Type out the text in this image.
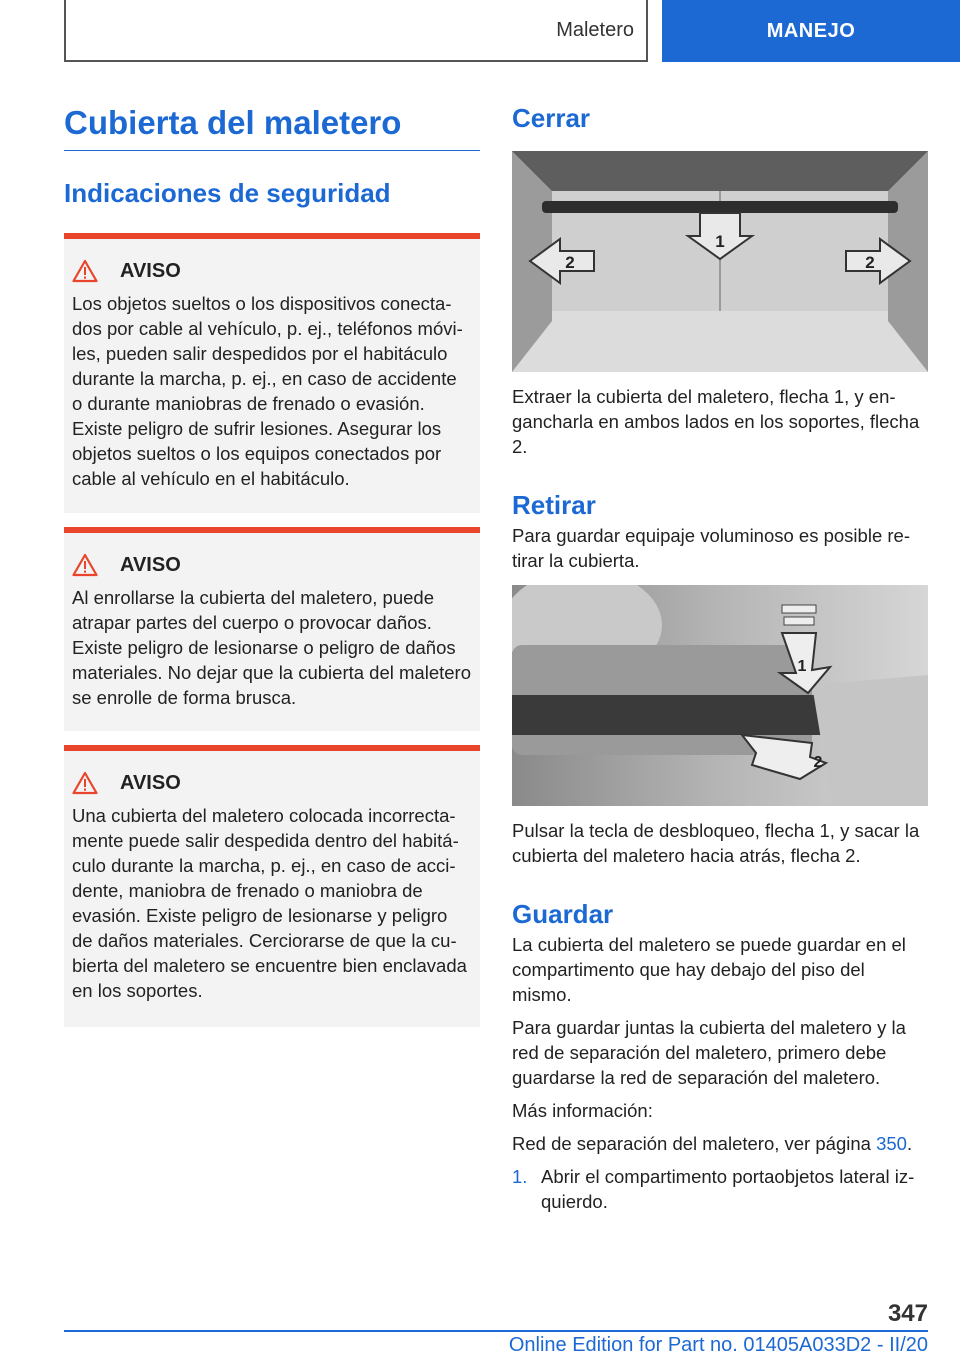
Maletero	MANEJO
Cubierta del maletero
Indicaciones de seguridad
AVISO

Los objetos sueltos o los dispositivos conectados por cable al vehículo, p. ej., teléfonos móviles, pueden salir despedidos por el habitáculo durante la marcha, p. ej., en caso de accidente o durante maniobras de frenado o evasión. Existe peligro de sufrir lesiones. Asegurar los objetos sueltos o los equipos conectados por cable al vehículo en el habitáculo.

AVISO

Al enrollarse la cubierta del maletero, puede atrapar partes del cuerpo o provocar daños. Existe peligro de lesionarse o peligro de daños materiales. No dejar que la cubierta del maletero se enrolle de forma brusca.

AVISO

Una cubierta del maletero colocada incorrectamente puede salir despedida dentro del habitáculo durante la marcha, p. ej., en caso de accidente, maniobra de frenado o maniobra de evasión. Existe peligro de lesionarse y peligro de daños materiales. Cerciorarse de que la cubierta del maletero se encuentre bien enclavada en los soportes.

Cerrar
1
2	2

Extraer la cubierta del maletero, flecha 1, y engancharla en ambos lados en los soportes, flecha 2.

Retirar

Para guardar equipaje voluminoso es posible retirar la cubierta.

1
2

Pulsar la tecla de desbloqueo, flecha 1, y sacar la cubierta del maletero hacia atrás, flecha 2.

Guardar

La cubierta del maletero se puede guardar en el compartimento que hay debajo del piso del mismo.

Para guardar juntas la cubierta del maletero y la red de separación del maletero, primero debe guardarse la red de separación del maletero.

Más información:

Red de separación del maletero, ver página 350.

1. Abrir el compartimento portaobjetos lateral izquierdo.
347
Online Edition for Part no. 01405A033D2 - II/20
